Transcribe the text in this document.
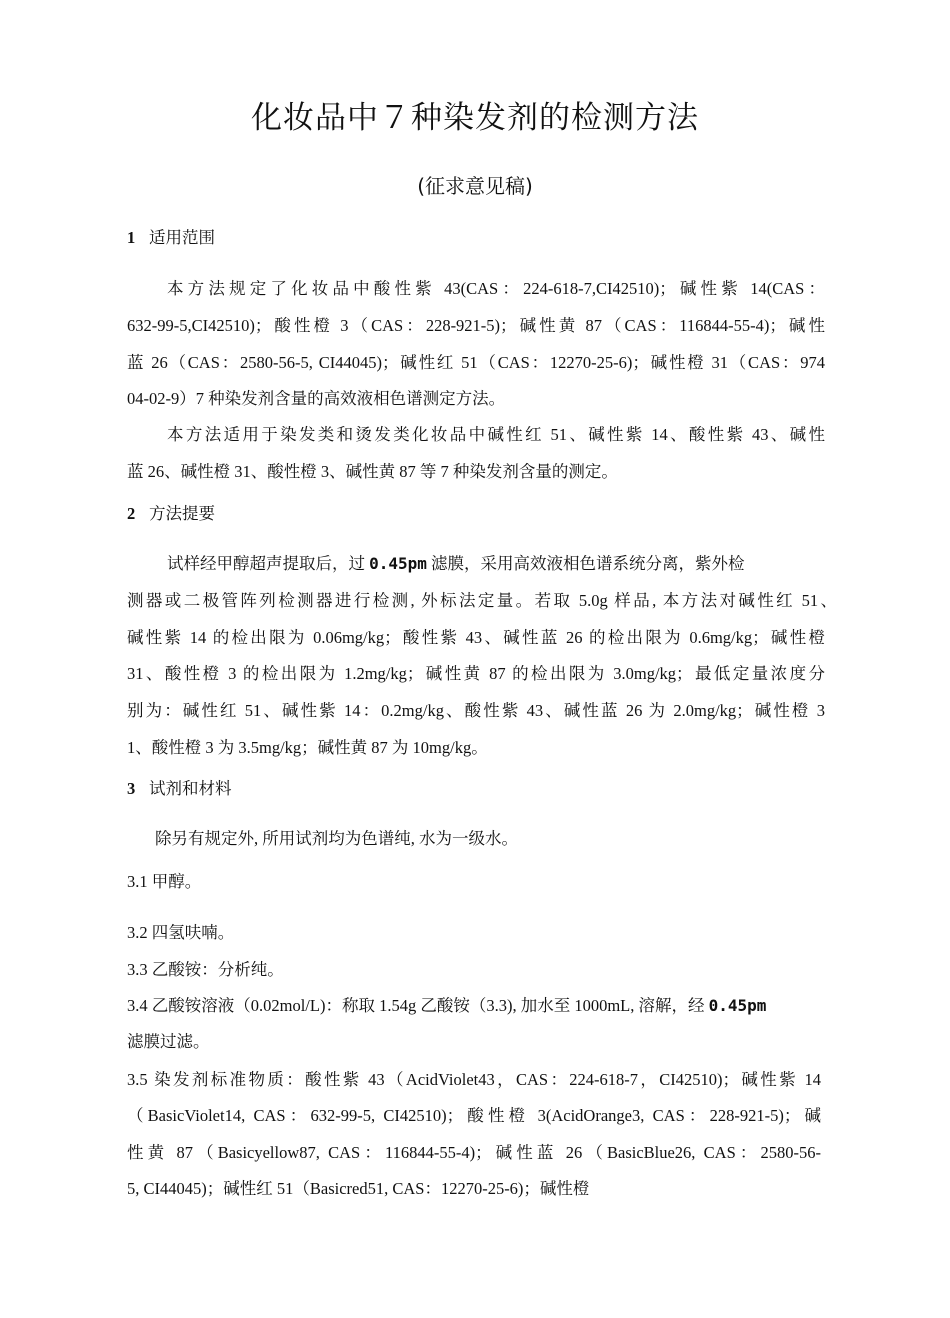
化妆品中７种染发剂的检测方法
(征求意见稿)
1 适用范围
本方法规定了化妆品中酸性紫 43(CAS：224-618-7,CI42510)；碱性紫 14(CAS：
632-99-5,CI42510)；酸性橙 3（CAS：228-921-5)；碱性黄 87（CAS：116844-55-4)；碱性
蓝 26（CAS：2580-56-5, CI44045)；碱性红 51（CAS：12270-25-6)；碱性橙 31（CAS：974
04-02-9）7 种染发剂含量的高效液相色谱测定方法。
本方法适用于染发类和烫发类化妆品中碱性红 51、碱性紫 14、酸性紫 43、碱性
蓝 26、碱性橙 31、酸性橙 3、碱性黄 87 等 7 种染发剂含量的测定。
2 方法提要
试样经甲醇超声提取后，过 0.45pm 滤膜，采用高效液相色谱系统分离，紫外检
测器或二极管阵列检测器进行检测, 外标法定量。若取 5.0g 样品, 本方法对碱性红 51、
碱性紫 14 的检出限为 0.06mg/kg；酸性紫 43、碱性蓝 26 的检出限为 0.6mg/kg；碱性橙
31、酸性橙 3 的检出限为 1.2mg/kg；碱性黄 87 的检出限为 3.0mg/kg；最低定量浓度分
别为：碱性红 51、碱性紫 14：0.2mg/kg、酸性紫 43、碱性蓝 26 为 2.0mg/kg；碱性橙 3
1、酸性橙 3 为 3.5mg/kg；碱性黄 87 为 10mg/kg。
3 试剂和材料
除另有规定外, 所用试剂均为色谱纯, 水为一级水。
3.1 甲醇。
3.2 四氢呋喃。
3.3 乙酸铵：分析纯。
3.4 乙酸铵溶液（0.02mol/L)：称取 1.54g 乙酸铵（3.3), 加水至 1000mL, 溶解，经 0.45pm
滤膜过滤。
3.5 染发剂标准物质：酸性紫 43（AcidViolet43，CAS：224-618-7，CI42510)；碱性紫 14
（BasicViolet14, CAS：632-99-5, CI42510)；酸性橙 3(AcidOrange3, CAS：228-921-5)；碱
性黄 87（Basicyellow87, CAS：116844-55-4)；碱性蓝 26（BasicBlue26, CAS：2580-56-
5, CI44045)；碱性红 51（Basicred51, CAS：12270-25-6)；碱性橙
